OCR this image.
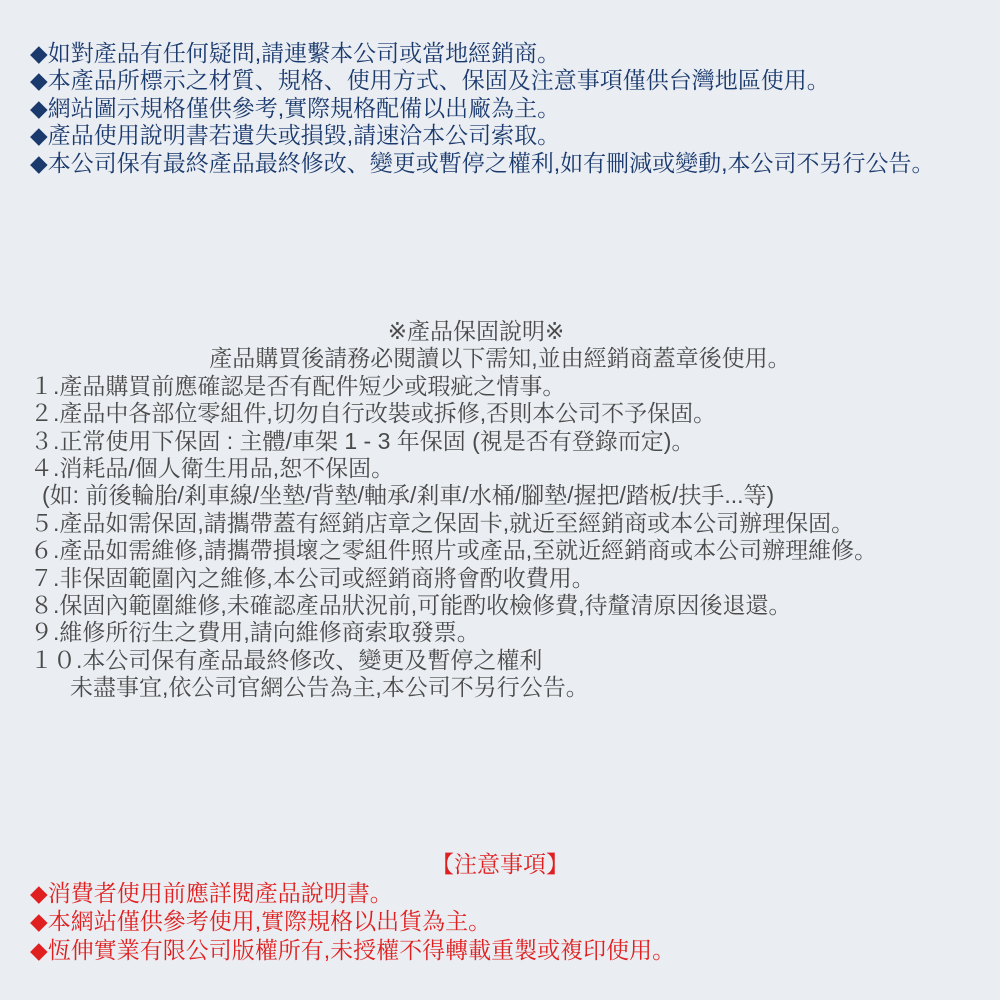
◆如對產品有任何疑問,請連繫本公司或當地經銷商。
◆本產品所標示之材質、規格、使用方式、保固及注意事項僅供台灣地區使用。
◆網站圖示規格僅供參考,實際規格配備以出廠為主。
◆產品使用說明書若遺失或損毀,請速洽本公司索取。
◆本公司保有最終產品最終修改、變更或暫停之權利,如有刪減或變動,本公司不另行公告。
※產品保固說明※
產品購買後請務必閱讀以下需知,並由經銷商蓋章後使用。
１.產品購買前應確認是否有配件短少或瑕疵之情事。
２.產品中各部位零組件,切勿自行改裝或拆修,否則本公司不予保固。
３.正常使用下保固 : 主體/車架 1 - 3 年保固 (視是否有登錄而定)。
４.消耗品/個人衛生用品,恕不保固。
(如: 前後輪胎/剎車線/坐墊/背墊/軸承/剎車/水桶/腳墊/握把/踏板/扶手...等)
５.產品如需保固,請攜帶蓋有經銷店章之保固卡,就近至經銷商或本公司辦理保固。
６.產品如需維修,請攜帶損壞之零組件照片或產品,至就近經銷商或本公司辦理維修。
７.非保固範圍內之維修,本公司或經銷商將會酌收費用。
８.保固內範圍維修,未確認產品狀況前,可能酌收檢修費,待釐清原因後退還。
９.維修所衍生之費用,請向維修商索取發票。
１０.本公司保有產品最終修改、變更及暫停之權利
未盡事宜,依公司官網公告為主,本公司不另行公告。
【注意事項】
◆消費者使用前應詳閱產品說明書。
◆本網站僅供參考使用,實際規格以出貨為主。
◆恆伸實業有限公司版權所有,未授權不得轉載重製或複印使用。
